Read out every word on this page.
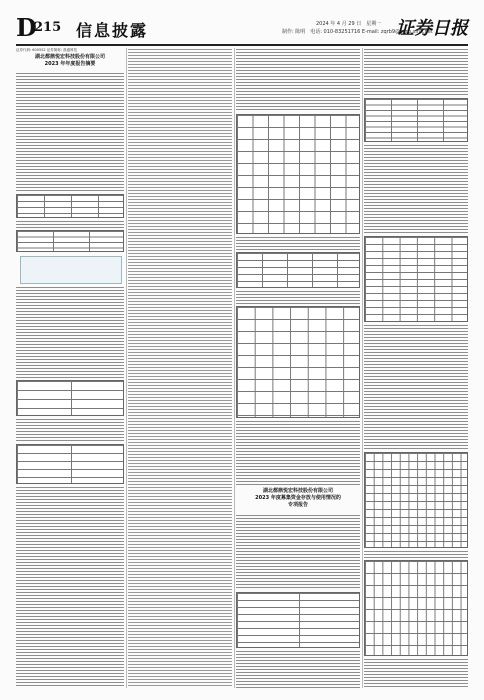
D
215 信息披露	2024 年 4 月 29 日　星期一
制作: 陈明　电话: 010-83251716 E-mail: zqrb9@zqrb.sina.net
证券日报
证券代码: 600552 证券简称: 凯盛科技
湖北都鼎悦宏科技股份有限公司
2023 年年度报告摘要
湖北都鼎悦宏科技股份有限公司
2023 年度募集资金存放与使用情况的
专项报告
